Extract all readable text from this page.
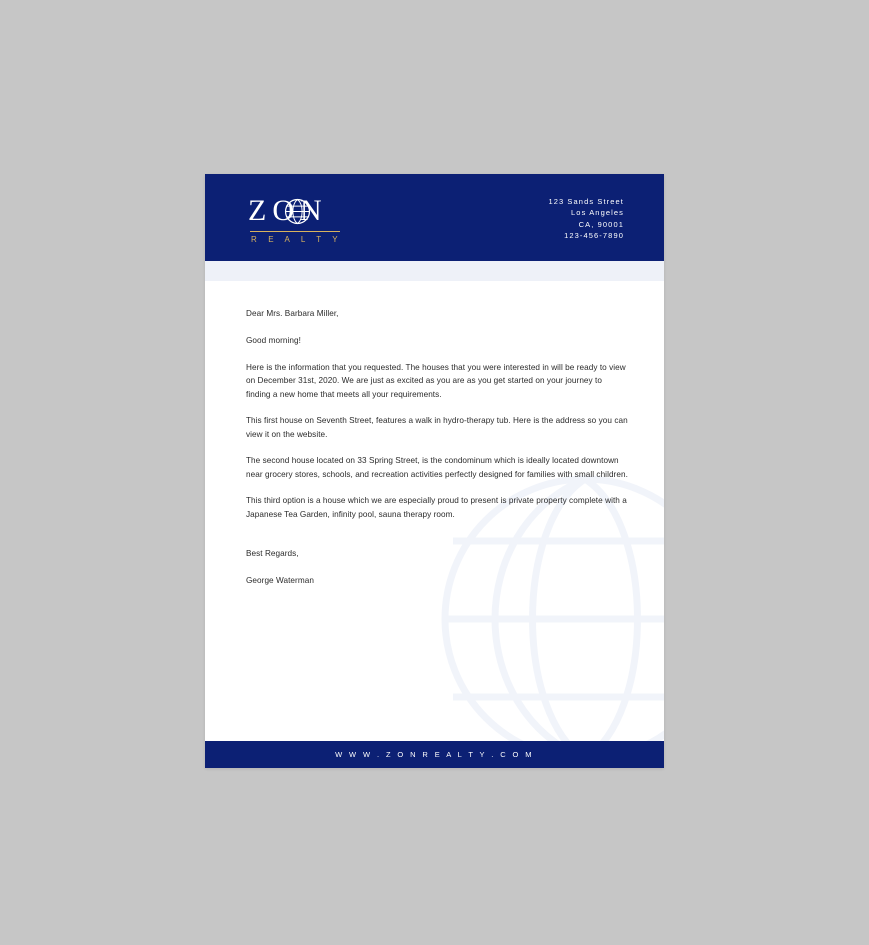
ZON
R E A L T Y
123 Sands Street
Los Angeles
CA, 90001
123-456-7890

Dear Mrs. Barbara Miller,

Good morning!

Here is the information that you requested. The houses that you were interested in will be ready to view on December 31st, 2020. We are just as excited as you are as you get started on your journey to finding a new home that meets all your requirements.

This first house on Seventh Street, features a walk in hydro-therapy tub. Here is the address so you can view it on the website.

The second house located on 33 Spring Street, is the condominum which is ideally located downtown near grocery stores, schools, and recreation activities perfectly designed for families with small children.

This third option is a house which we are especially proud to present is private property complete with a Japanese Tea Garden, infinity pool, sauna therapy room.

Best Regards,

George Waterman

W W W . Z O N R E A L T Y . C O M
